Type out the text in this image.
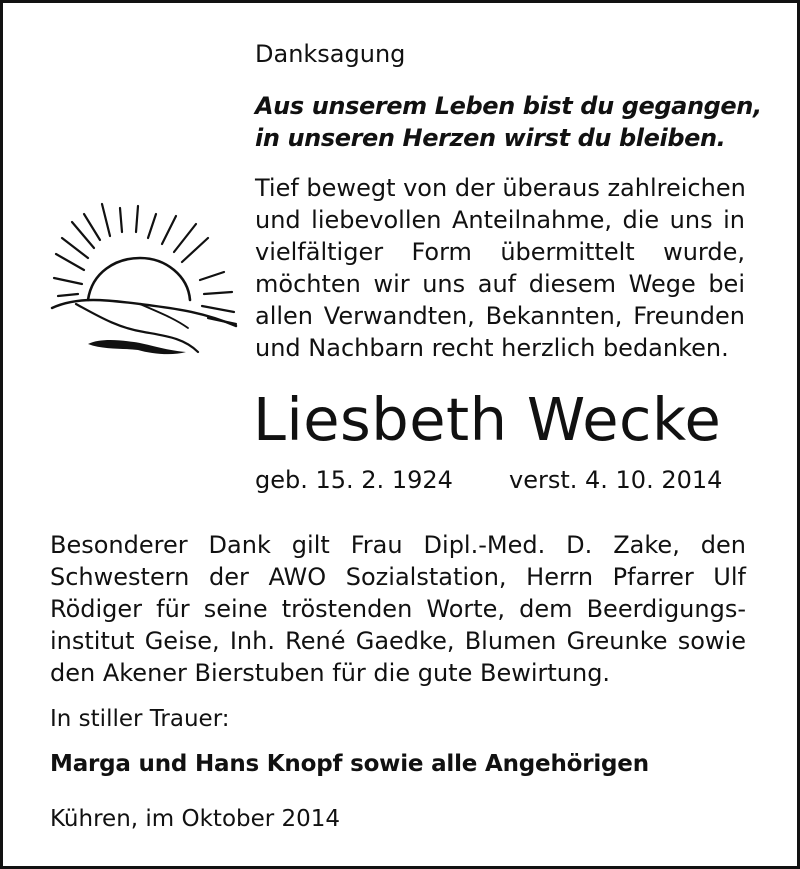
Danksagung
Aus unserem Leben bist du gegangen,
in unseren Herzen wirst du bleiben.
Tief bewegt von der überaus zahlreichen
und liebevollen Anteilnahme, die uns in
vielfältiger Form übermittelt wurde,
möchten wir uns auf diesem Wege bei
allen Verwandten, Bekannten, Freunden
und Nachbarn recht herzlich bedanken.
Liesbeth Wecke
geb. 15. 2. 1924 verst. 4. 10. 2014
Besonderer Dank gilt Frau Dipl.-Med. D. Zake, den
Schwestern der AWO Sozialstation, Herrn Pfarrer Ulf
Rödiger für seine tröstenden Worte, dem Beerdigungs-
institut Geise, Inh. René Gaedke, Blumen Greunke sowie
den Akener Bierstuben für die gute Bewirtung.
In stiller Trauer:
Marga und Hans Knopf sowie alle Angehörigen
Kühren, im Oktober 2014
